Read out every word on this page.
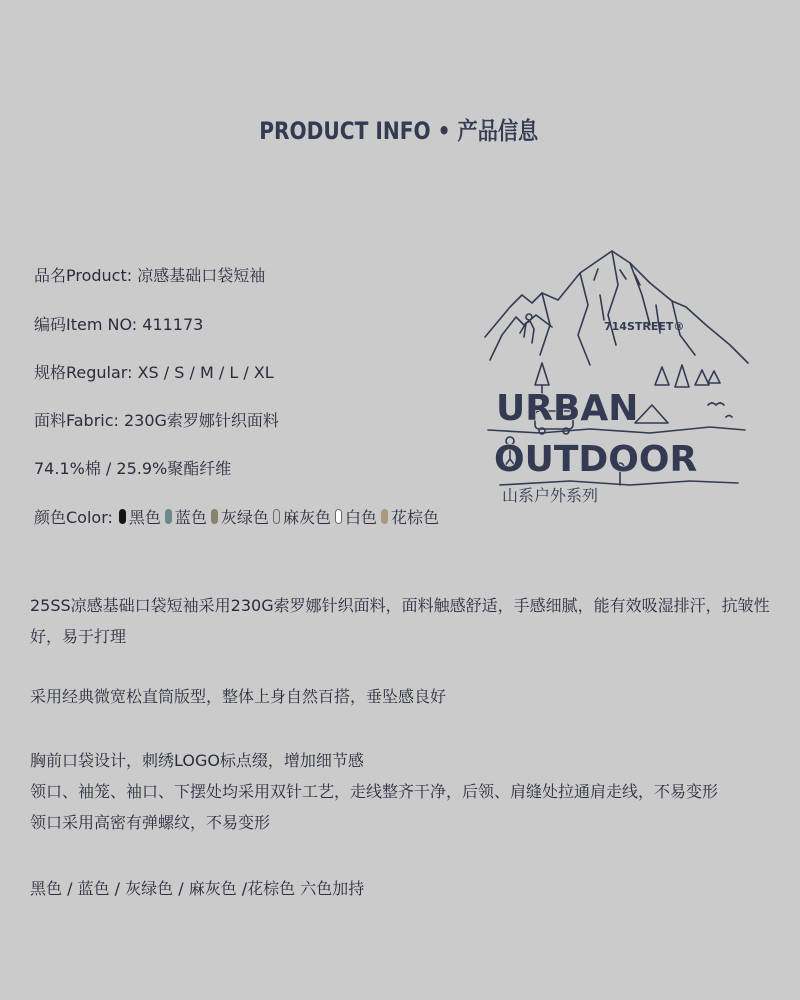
PRODUCT INFO • 产品信息
品名Product: 凉感基础口袋短袖
编码Item NO: 411173
规格Regular: XS / S / M / L / XL
面料Fabric: 230G索罗娜针织面料
74.1%棉 / 25.9%聚酯纤维
颜色Color: 黑色 蓝色 灰绿色 麻灰色 白色 花棕色
714STREET®
URBAN
OUTDOOR
山系户外系列
25SS凉感基础口袋短袖采用230G索罗娜针织面料，面料触感舒适，手感细腻，能有效吸湿排汗，抗皱性好，易于打理
采用经典微宽松直筒版型，整体上身自然百搭，垂坠感良好
胸前口袋设计，刺绣LOGO标点缀，增加细节感
领口、袖笼、袖口、下摆处均采用双针工艺，走线整齐干净，后领、肩缝处拉通肩走线，不易变形
领口采用高密有弹螺纹，不易变形
黑色 / 蓝色 / 灰绿色 / 麻灰色 /花棕色 六色加持
